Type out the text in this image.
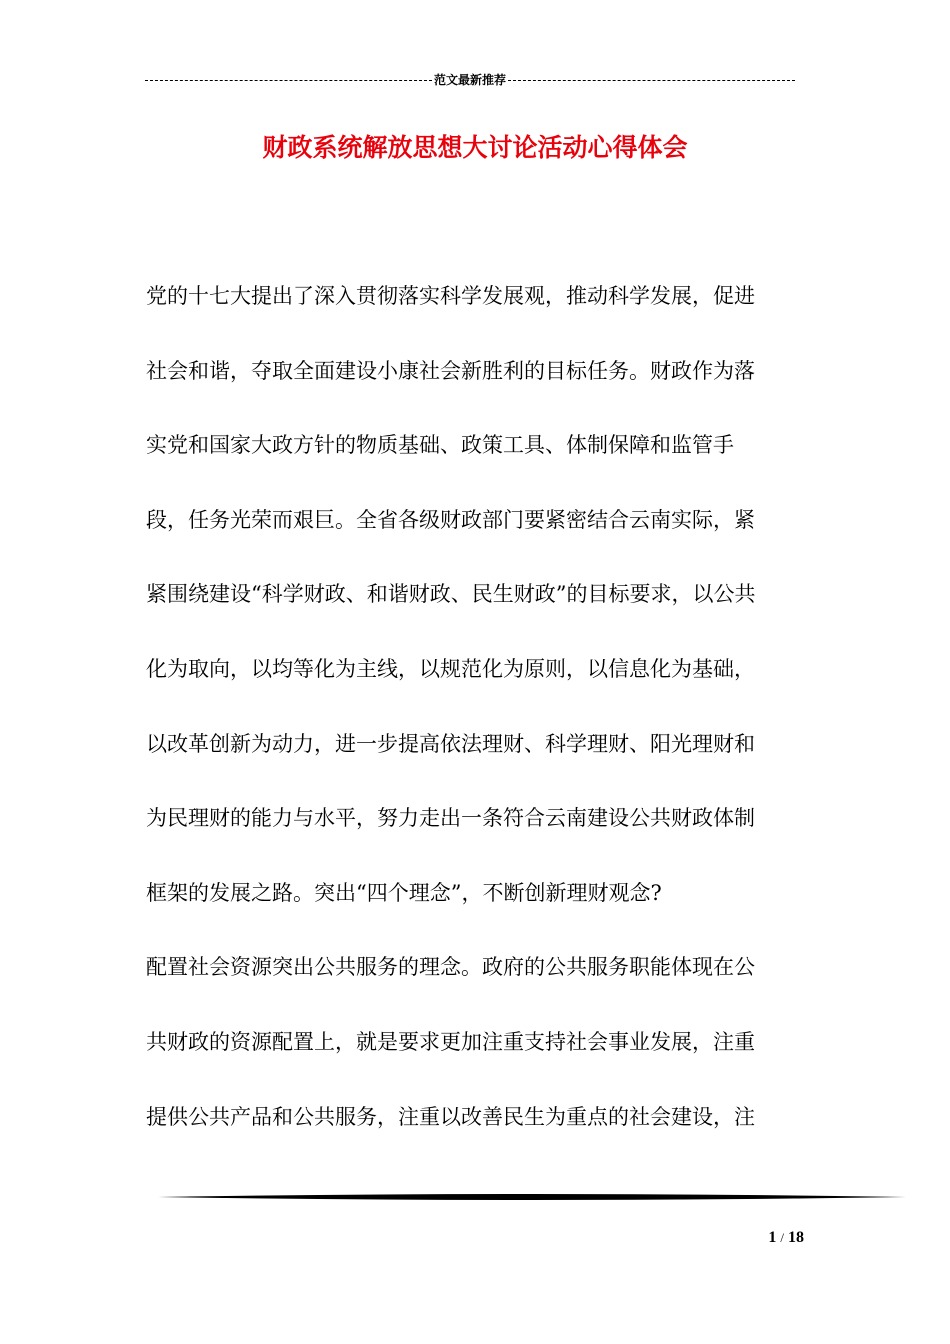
范文最新推荐
财政系统解放思想大讨论活动心得体会
党的十七大提出了深入贯彻落实科学发展观，推动科学发展，促进
社会和谐，夺取全面建设小康社会新胜利的目标任务。财政作为落
实党和国家大政方针的物质基础、政策工具、体制保障和监管手
段，任务光荣而艰巨。全省各级财政部门要紧密结合云南实际，紧
紧围绕建设“科学财政、和谐财政、民生财政”的目标要求，以公共
化为取向，以均等化为主线，以规范化为原则，以信息化为基础，
以改革创新为动力，进一步提高依法理财、科学理财、阳光理财和
为民理财的能力与水平，努力走出一条符合云南建设公共财政体制
框架的发展之路。突出“四个理念”，不断创新理财观念?
配置社会资源突出公共服务的理念。政府的公共服务职能体现在公
共财政的资源配置上，就是要求更加注重支持社会事业发展，注重
提供公共产品和公共服务，注重以改善民生为重点的社会建设，注
1 / 18
